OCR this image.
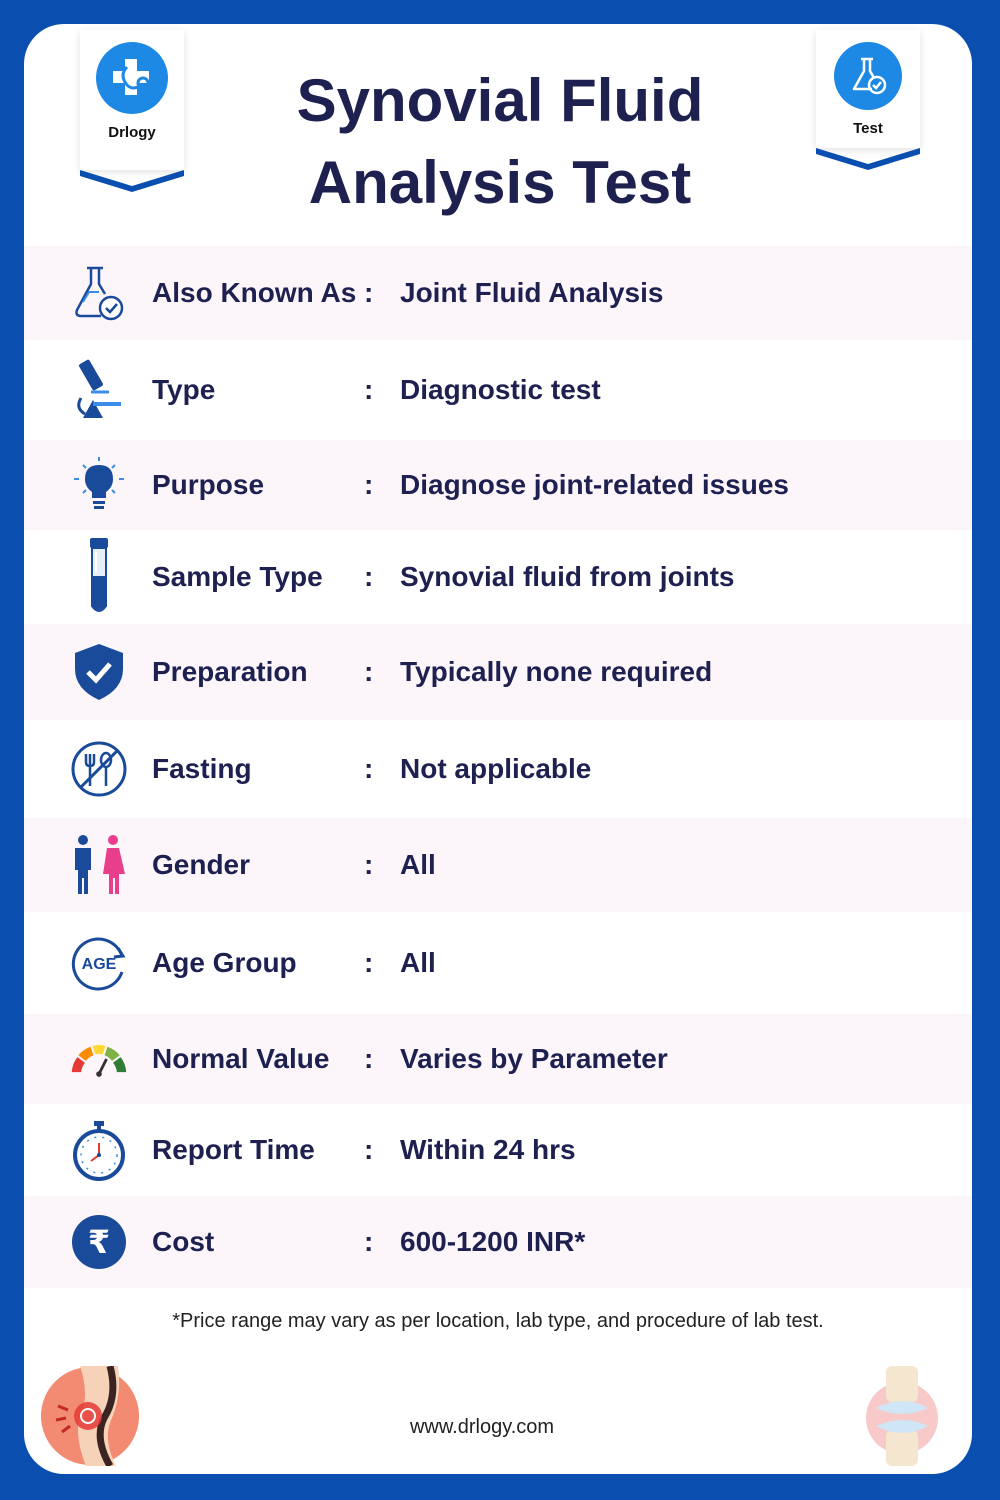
Drlogy	Test
Synovial Fluid
Analysis Test
Also Known As : Joint Fluid Analysis
Type	: Diagnostic test
Purpose	: Diagnose joint-related issues
Sample Type : Synovial fluid from joints
Preparation : Typically none required
Fasting	: Not applicable
Gender	: All
AGE Age Group : All
Normal Value : Varies by Parameter
Report Time : Within 24 hrs
₹ Cost	: 600-1200 INR*
*Price range may vary as per location, lab type, and procedure of lab test.
www.drlogy.com
